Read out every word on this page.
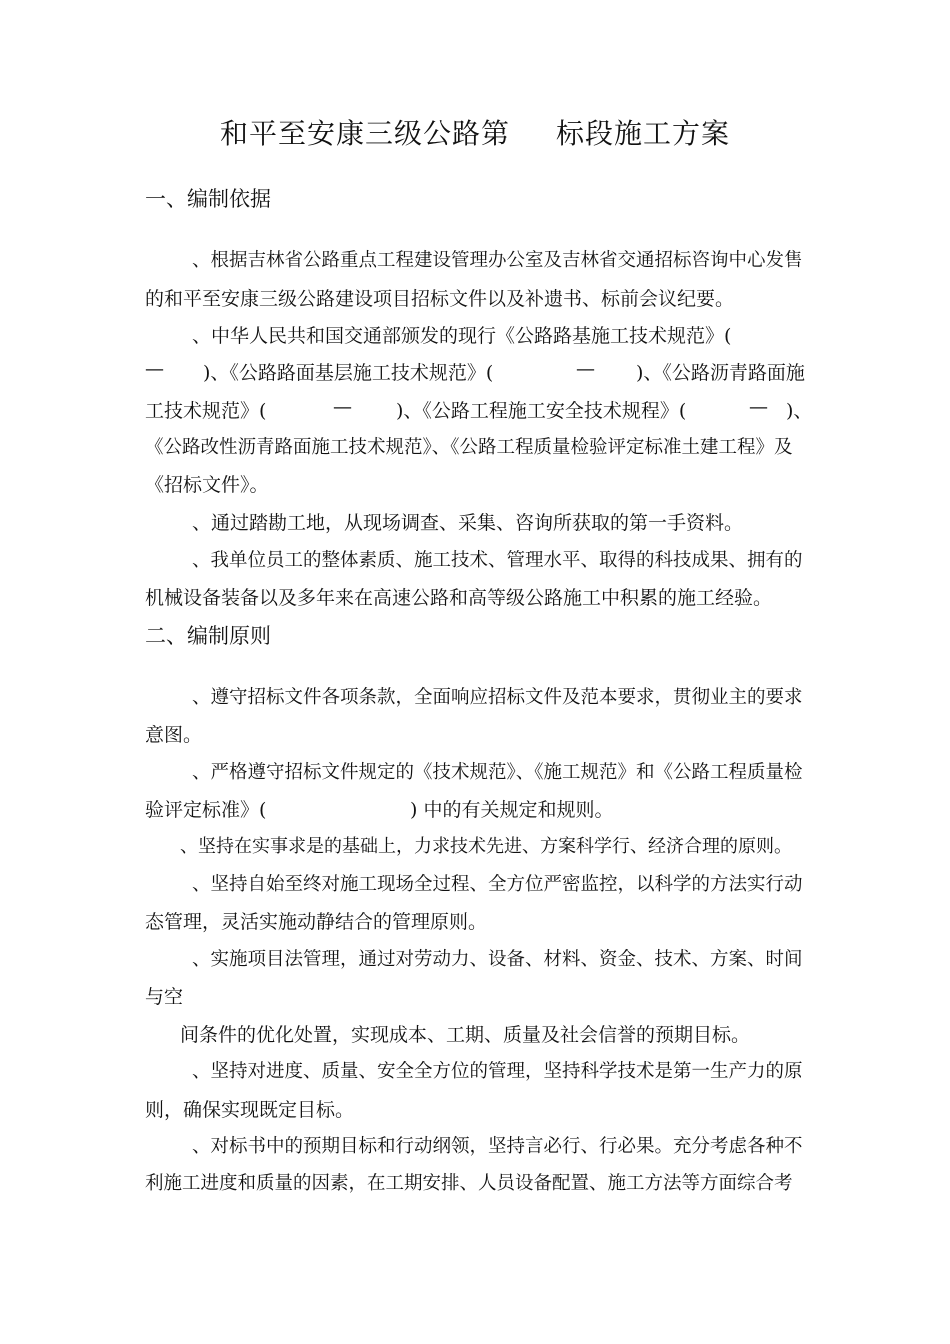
和平至安康三级公路第 标段施工方案
一、编制依据

、根据吉林省公路重点工程建设管理办公室及吉林省交通招标咨询中心发售

的和平至安康三级公路建设项目招标文件以及补遗书、标前会议纪要。

、中华人民共和国交通部颁发的现行《公路路基施工技术规范》(

— )、《公路路面基层施工技术规范》(	— )、《公路沥青路面施
工技术规范》(	— )、《公路工程施工安全技术规程》(	— )、

《公路改性沥青路面施工技术规范》、《公路工程质量检验评定标准土建工程》及

《招标文件》。

、通过踏勘工地，从现场调查、采集、咨询所获取的第一手资料。

、我单位员工的整体素质、施工技术、管理水平、取得的科技成果、拥有的

机械设备装备以及多年来在高速公路和高等级公路施工中积累的施工经验。

二、编制原则

、遵守招标文件各项条款，全面响应招标文件及范本要求，贯彻业主的要求

意图。

、严格遵守招标文件规定的《技术规范》、《施工规范》和《公路工程质量检

验评定标准》(	) 中的有关规定和规则。

、坚持在实事求是的基础上，力求技术先进、方案科学行、经济合理的原则。

、坚持自始至终对施工现场全过程、全方位严密监控，以科学的方法实行动

态管理，灵活实施动静结合的管理原则。

、实施项目法管理，通过对劳动力、设备、材料、资金、技术、方案、时间

与空

间条件的优化处置，实现成本、工期、质量及社会信誉的预期目标。

、坚持对进度、质量、安全全方位的管理，坚持科学技术是第一生产力的原

则，确保实现既定目标。

、对标书中的预期目标和行动纲领，坚持言必行、行必果。充分考虑各种不

利施工进度和质量的因素，在工期安排、人员设备配置、施工方法等方面综合考
